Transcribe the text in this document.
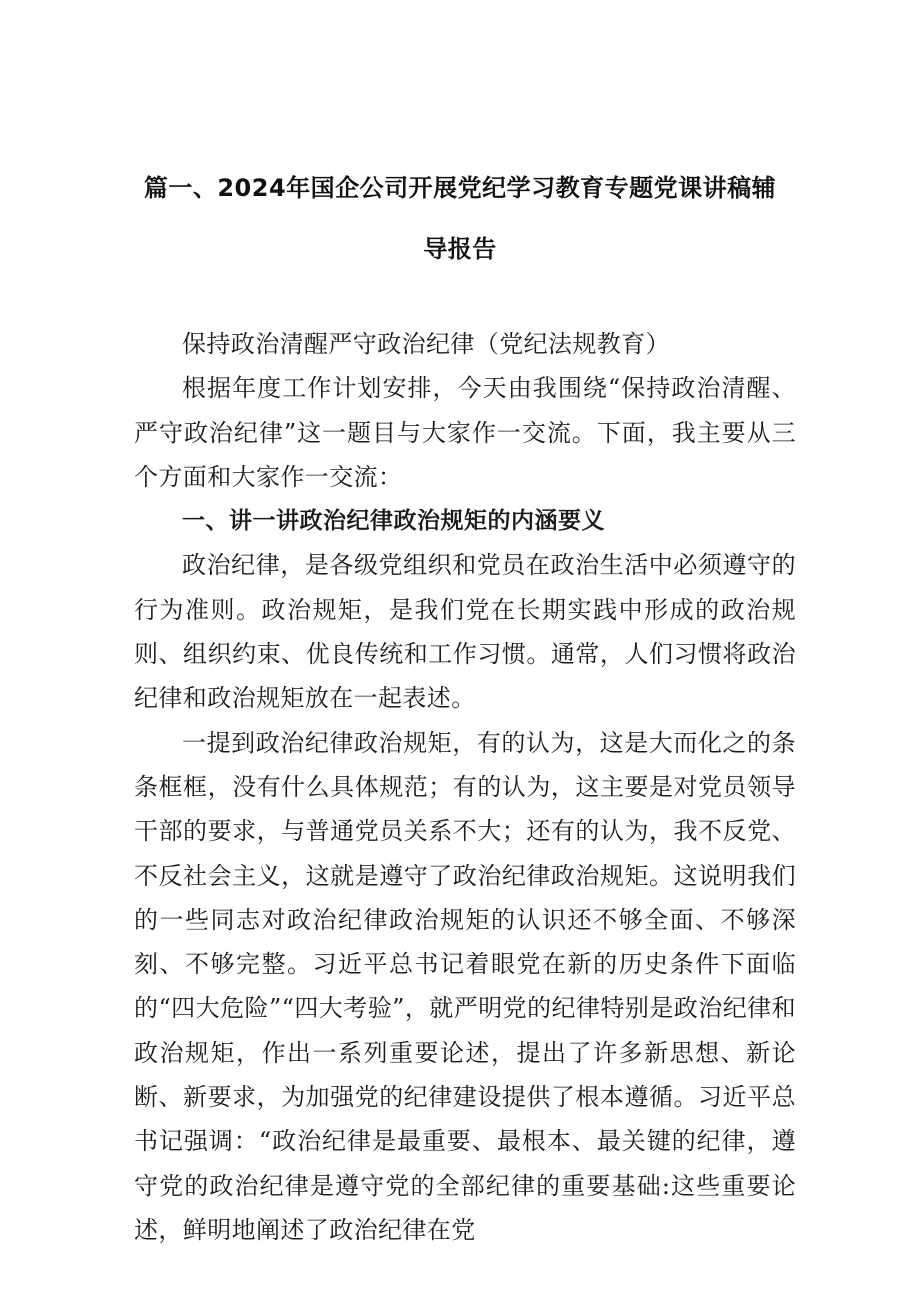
篇一、2024年国企公司开展党纪学习教育专题党课讲稿辅
导报告

保持政治清醒严守政治纪律（党纪法规教育）

根据年度工作计划安排，今天由我围绕“保持政治清醒、严守政治纪律”这一题目与大家作一交流。下面，我主要从三个方面和大家作一交流：

一、讲一讲政治纪律政治规矩的内涵要义

政治纪律，是各级党组织和党员在政治生活中必须遵守的行为准则。政治规矩，是我们党在长期实践中形成的政治规则、组织约束、优良传统和工作习惯。通常，人们习惯将政治纪律和政治规矩放在一起表述。

一提到政治纪律政治规矩，有的认为，这是大而化之的条条框框，没有什么具体规范；有的认为，这主要是对党员领导干部的要求，与普通党员关系不大；还有的认为，我不反党、不反社会主义，这就是遵守了政治纪律政治规矩。这说明我们的一些同志对政治纪律政治规矩的认识还不够全面、不够深刻、不够完整。习近平总书记着眼党在新的历史条件下面临的“四大危险”“四大考验”，就严明党的纪律特别是政治纪律和政治规矩，作出一系列重要论述，提出了许多新思想、新论断、新要求，为加强党的纪律建设提供了根本遵循。习近平总书记强调：“政治纪律是最重要、最根本、最关键的纪律，遵守党的政治纪律是遵守党的全部纪律的重要基础:这些重要论述，鲜明地阐述了政治纪律在党
